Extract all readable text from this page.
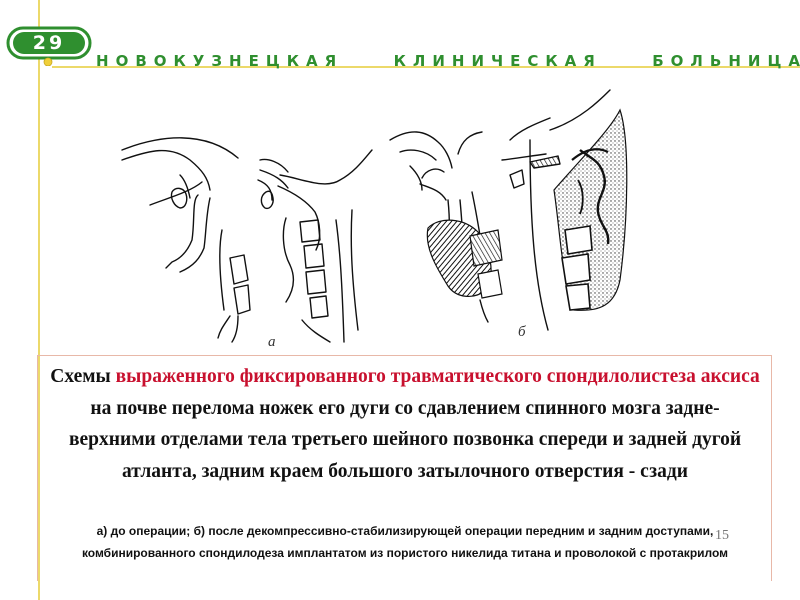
29
Н О В О К У З Н Е Ц К А Я	К Л И Н И Ч Е С К А Я	Б О Л Ь Н И Ц А
а
б

Схемы выраженного фиксированного травматического спондилолистеза аксиса на почве перелома ножек его дуги со сдавлением спинного мозга задне-верхними отделами тела третьего шейного позвонка спереди и задней дугой атланта, задним краем большого затылочного отверстия - сзади

а) до операции; б) после декомпрессивно-стабилизирующей операции передним и задним доступами, комбинированного спондилодеза имплантатом из пористого никелида титана и проволокой с протакрилом

15
